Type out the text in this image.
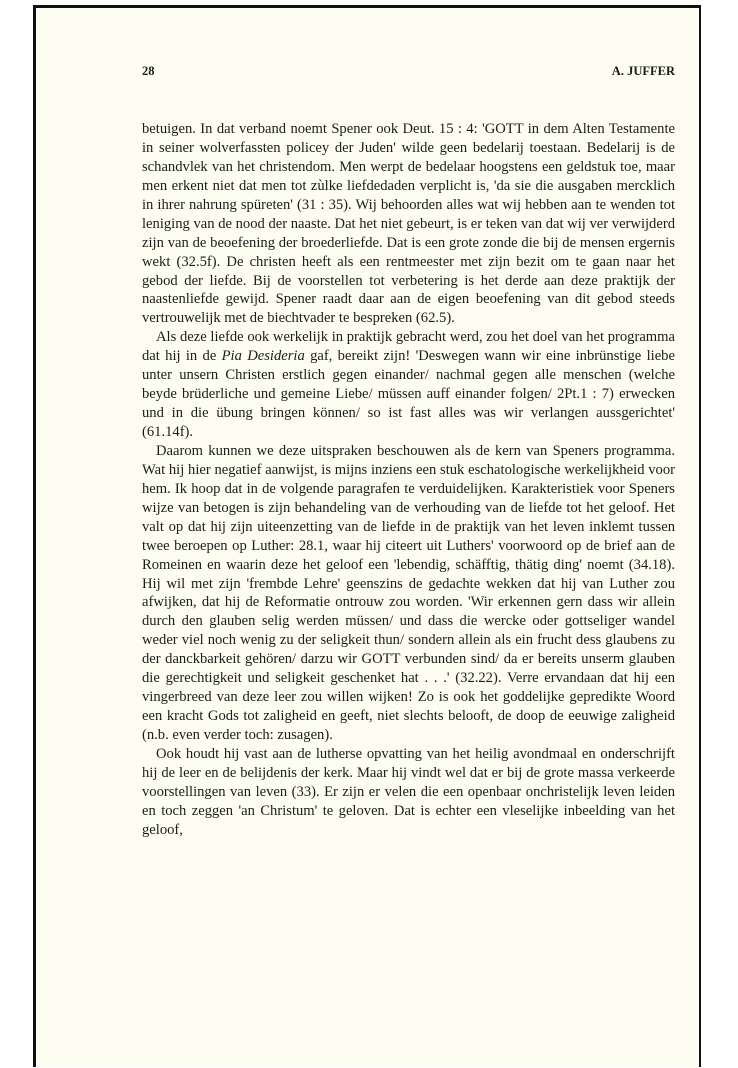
28	A. JUFFER

betuigen. In dat verband noemt Spener ook Deut. 15 : 4: 'GOTT in dem Alten Testamente in seiner wolverfassten policey der Juden' wilde geen bedelarij toestaan. Bedelarij is de schandvlek van het christendom. Men werpt de bedelaar hoogstens een geldstuk toe, maar men erkent niet dat men tot zùlke liefdedaden verplicht is, 'da sie die ausgaben mercklich in ihrer nahrung spüreten' (31 : 35). Wij behoorden alles wat wij hebben aan te wenden tot leniging van de nood der naaste. Dat het niet gebeurt, is er teken van dat wij ver verwijderd zijn van de beoefening der broederliefde. Dat is een grote zonde die bij de mensen ergernis wekt (32.5f). De christen heeft als een rentmeester met zijn bezit om te gaan naar het gebod der liefde. Bij de voorstellen tot verbetering is het derde aan deze praktijk der naastenliefde gewijd. Spener raadt daar aan de eigen beoefening van dit gebod steeds vertrouwelijk met de biechtvader te bespreken (62.5).

Als deze liefde ook werkelijk in praktijk gebracht werd, zou het doel van het programma dat hij in de Pia Desideria gaf, bereikt zijn! 'Deswegen wann wir eine inbrünstige liebe unter unsern Christen erstlich gegen einander/ nachmal gegen alle menschen (welche beyde brüderliche und gemeine Liebe/ müssen auff einander folgen/ 2Pt.1 : 7) erwecken und in die übung bringen können/ so ist fast alles was wir verlangen aussgerichtet' (61.14f).

Daarom kunnen we deze uitspraken beschouwen als de kern van Speners programma. Wat hij hier negatief aanwijst, is mijns inziens een stuk eschatologische werkelijkheid voor hem. Ik hoop dat in de volgende paragrafen te verduidelijken. Karakteristiek voor Speners wijze van betogen is zijn behandeling van de verhouding van de liefde tot het geloof. Het valt op dat hij zijn uiteenzetting van de liefde in de praktijk van het leven inklemt tussen twee beroepen op Luther: 28.1, waar hij citeert uit Luthers' voorwoord op de brief aan de Romeinen en waarin deze het geloof een 'lebendig, schäfftig, thätig ding' noemt (34.18). Hij wil met zijn 'frembde Lehre' geenszins de gedachte wekken dat hij van Luther zou afwijken, dat hij de Reformatie ontrouw zou worden. 'Wir erkennen gern dass wir allein durch den glauben selig werden müssen/ und dass die wercke oder gottseliger wandel weder viel noch wenig zu der seligkeit thun/ sondern allein als ein frucht dess glaubens zu der danckbarkeit gehören/ darzu wir GOTT verbunden sind/ da er bereits unserm glauben die gerechtigkeit und seligkeit geschenket hat . . .' (32.22). Verre ervandaan dat hij een vingerbreed van deze leer zou willen wijken! Zo is ook het goddelijke gepredikte Woord een kracht Gods tot zaligheid en geeft, niet slechts belooft, de doop de eeuwige zaligheid (n.b. even verder toch: zusagen).

Ook houdt hij vast aan de lutherse opvatting van het heilig avondmaal en onderschrijft hij de leer en de belijdenis der kerk. Maar hij vindt wel dat er bij de grote massa verkeerde voorstellingen van leven (33). Er zijn er velen die een openbaar onchristelijk leven leiden en toch zeggen 'an Christum' te geloven. Dat is echter een vleselijke inbeelding van het geloof,
